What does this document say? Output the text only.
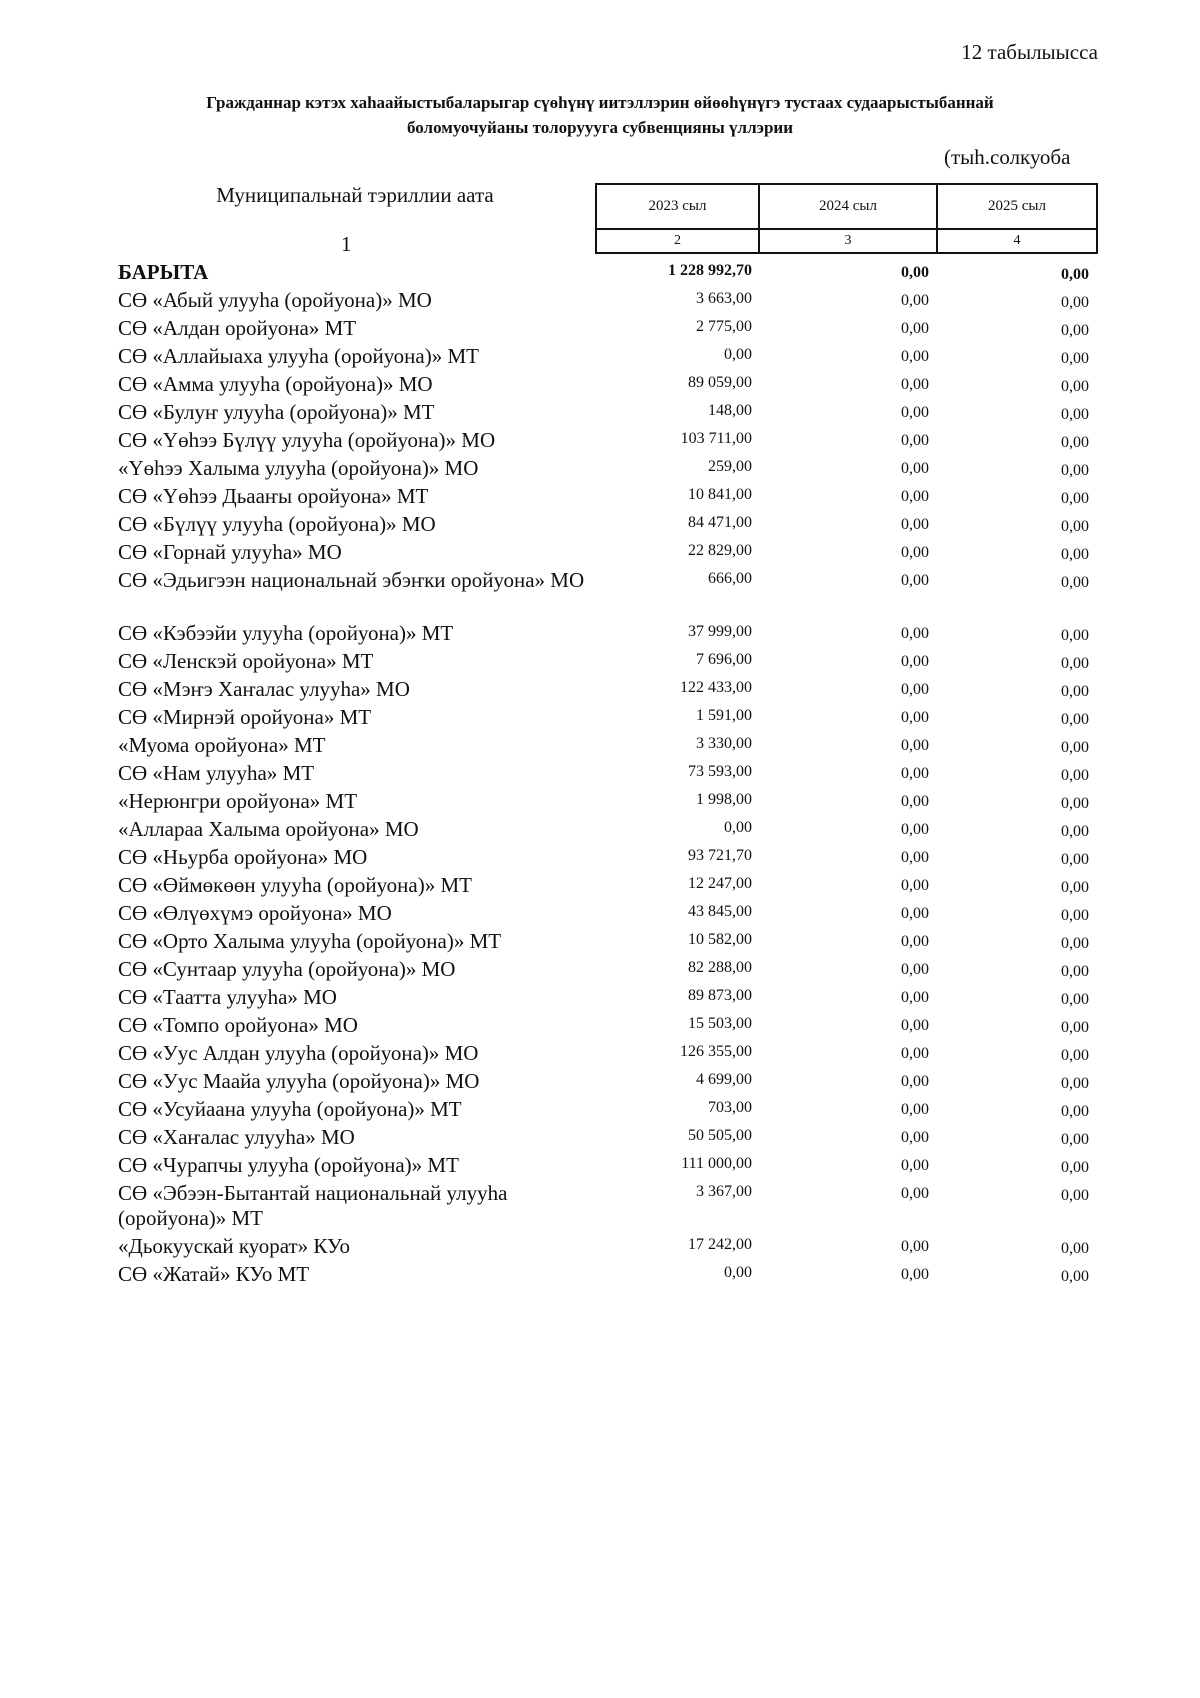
12 табылыысса
Гражданнар кэтэх хаһаайыстыбаларыгар сүөһүнү иитэллэрин өйөөһүнүгэ тустаах судаарыстыбаннай
боломуочуйаны толоруууга субвенцияны үллэрии
(тыһ.солкуоба
Муниципальнай тэриллии аата
1
2023 сыл	2024 сыл	2025 сыл
2	3	4
БАРЫТА	1 228 992,70	0,00	0,00
СӨ «Абый улууһа (оройуона)» МО	3 663,00	0,00	0,00
СӨ «Алдан оройуона» МТ	2 775,00	0,00	0,00
СӨ «Аллайыаха улууһа (оройуона)» МТ	0,00	0,00	0,00
СӨ «Амма улууһа (оройуона)» МО	89 059,00	0,00	0,00
СӨ «Булуҥ улууһа (оройуона)» МТ	148,00	0,00	0,00
СӨ «Үөһээ Бүлүү улууһа (оройуона)» МО	103 711,00	0,00	0,00
«Үөһээ Халыма улууһа (оройуона)» МО	259,00	0,00	0,00
СӨ «Үөһээ Дьааҥы оройуона» МТ	10 841,00	0,00	0,00
СӨ «Бүлүү улууһа (оройуона)» МО	84 471,00	0,00	0,00
СӨ «Горнай улууһа» МО	22 829,00	0,00	0,00
СӨ «Эдьигээн национальнай эбэҥки оройуона» МО	666,00	0,00	0,00
СӨ «Кэбээйи улууһа (оройуона)» МТ	37 999,00	0,00	0,00
СӨ «Ленскэй оройуона» МТ	7 696,00	0,00	0,00
СӨ «Мэҥэ Хаҥалас улууһа» МО	122 433,00	0,00	0,00
СӨ «Мирнэй оройуона» МТ	1 591,00	0,00	0,00
«Муома оройуона» МТ	3 330,00	0,00	0,00
СӨ «Нам улууһа» МТ	73 593,00	0,00	0,00
«Нерюнгри оройуона» МТ	1 998,00	0,00	0,00
«Аллараа Халыма оройуона» МО	0,00	0,00	0,00
СӨ «Ньурба оройуона» МО	93 721,70	0,00	0,00
СӨ «Өймөкөөн улууһа (оройуона)» МТ	12 247,00	0,00	0,00
СӨ «Өлүөхүмэ оройуона» МО	43 845,00	0,00	0,00
СӨ «Орто Халыма улууһа (оройуона)» МТ	10 582,00	0,00	0,00
СӨ «Сунтаар улууһа (оройуона)» МО	82 288,00	0,00	0,00
СӨ «Таатта улууһа» МО	89 873,00	0,00	0,00
СӨ «Томпо оройуона» МО	15 503,00	0,00	0,00
СӨ «Уус Алдан улууһа (оройуона)» МО	126 355,00	0,00	0,00
СӨ «Уус Маайа улууһа (оройуона)» МО	4 699,00	0,00	0,00
СӨ «Усуйаана улууһа (оройуона)» МТ	703,00	0,00	0,00
СӨ «Хаҥалас улууһа» МО	50 505,00	0,00	0,00
СӨ «Чурапчы улууһа (оройуона)» МТ	111 000,00	0,00	0,00
СӨ «Эбээн-Бытантай национальнай улууһа (оройуона)» МТ
3 367,00	0,00	0,00
«Дьокуускай куорат» КУо	17 242,00	0,00	0,00
СӨ «Жатай» КУо МТ	0,00	0,00	0,00
